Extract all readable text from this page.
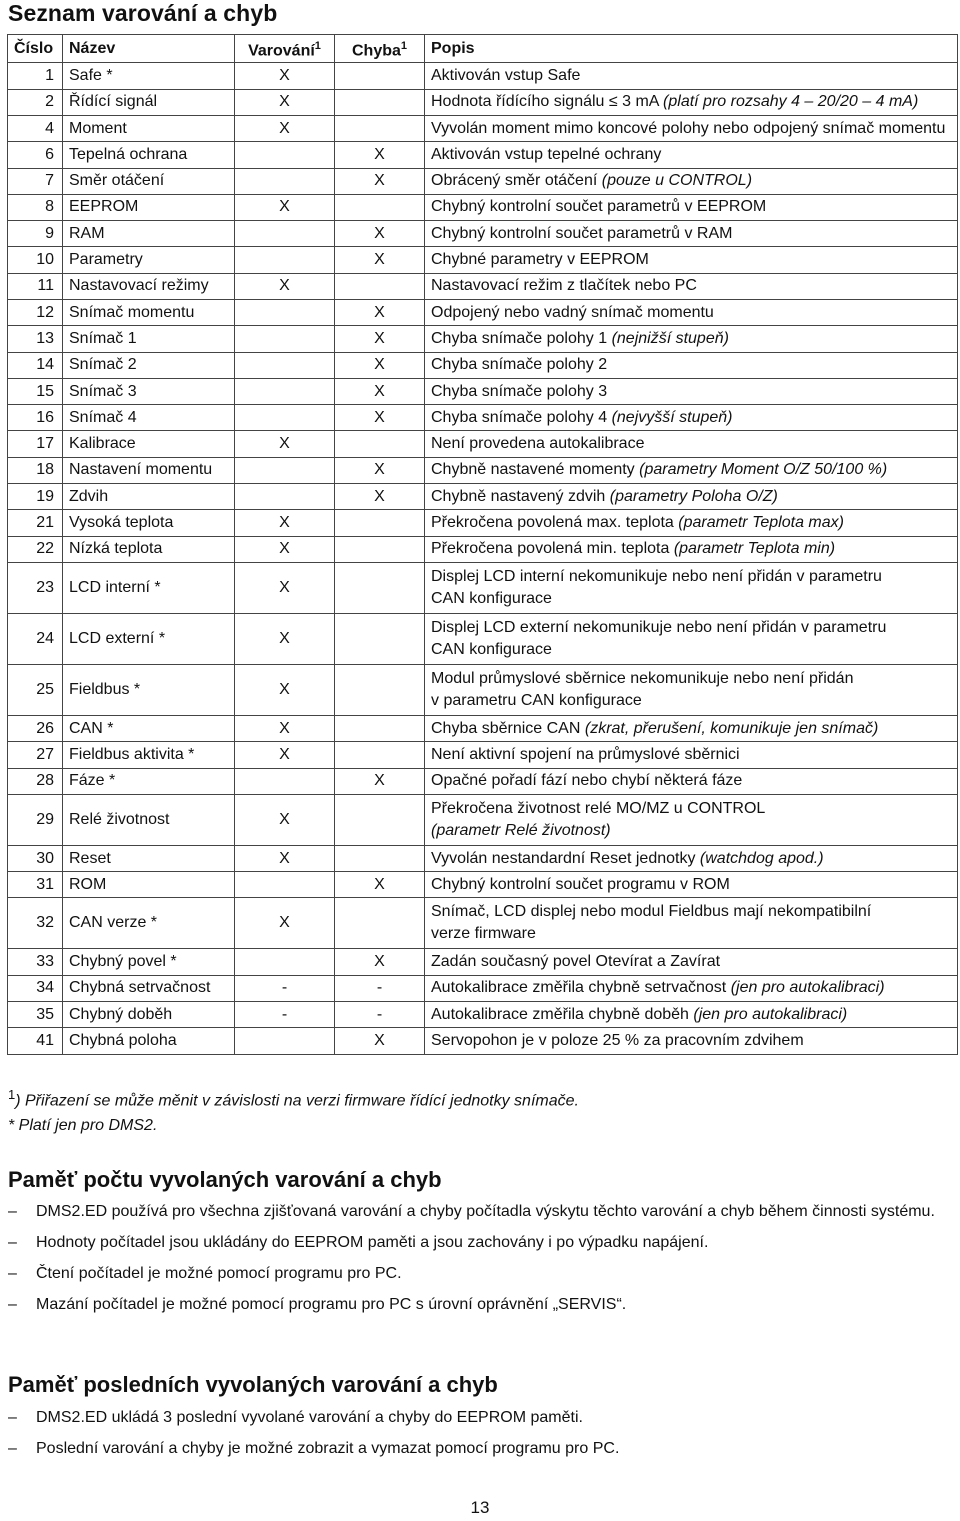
Seznam varování a chyb
Číslo	Název	Varování$^1$	Chyba$^1$	Popis
1	Safe *	X		Aktivován vstup Safe
2	Řídící signál	X		Hodnota řídícího signálu ≤ 3 mA (platí pro rozsahy 4 – 20/20 – 4 mA)
4	Moment	X		Vyvolán moment mimo koncové polohy nebo odpojený snímač momentu
6	Tepelná ochrana		X	Aktivován vstup tepelné ochrany
7	Směr otáčení		X	Obrácený směr otáčení (pouze u CONTROL)
8	EEPROM	X		Chybný kontrolní součet parametrů v EEPROM
9	RAM		X	Chybný kontrolní součet parametrů v RAM
10	Parametry		X	Chybné parametry v EEPROM
11	Nastavovací režimy	X		Nastavovací režim z tlačítek nebo PC
12	Snímač momentu		X	Odpojený nebo vadný snímač momentu
13	Snímač 1		X	Chyba snímače polohy 1 (nejnižší stupeň)
14	Snímač 2		X	Chyba snímače polohy 2
15	Snímač 3		X	Chyba snímače polohy 3
16	Snímač 4		X	Chyba snímače polohy 4 (nejvyšší stupeň)
17	Kalibrace	X		Není provedena autokalibrace
18	Nastavení momentu		X	Chybně nastavené momenty (parametry Moment O/Z 50/100 %)
19	Zdvih		X	Chybně nastavený zdvih (parametry Poloha O/Z)
21	Vysoká teplota	X		Překročena povolená max. teplota (parametr Teplota max)
22	Nízká teplota	X		Překročena povolená min. teplota (parametr Teplota min)
23	LCD interní *	X		Displej LCD interní nekomunikuje nebo není přidán v parametru
CAN konfigurace
24	LCD externí *	X		Displej LCD externí nekomunikuje nebo není přidán v parametru
CAN konfigurace
25	Fieldbus *	X		Modul průmyslové sběrnice nekomunikuje nebo není přidán
v parametru CAN konfigurace
26	CAN *	X		Chyba sběrnice CAN (zkrat, přerušení, komunikuje jen snímač)
27	Fieldbus aktivita *	X		Není aktivní spojení na průmyslové sběrnici
28	Fáze *		X	Opačné pořadí fází nebo chybí některá fáze
29	Relé životnost	X		Překročena životnost relé MO/MZ u CONTROL
(parametr Relé životnost)
30	Reset	X		Vyvolán nestandardní Reset jednotky (watchdog apod.)
31	ROM		X	Chybný kontrolní součet programu v ROM
32	CAN verze *	X		Snímač, LCD displej nebo modul Fieldbus mají nekompatibilní
verze firmware
33	Chybný povel *		X	Zadán současný povel Otevírat a Zavírat
34	Chybná setrvačnost	-	-	Autokalibrace změřila chybně setrvačnost (jen pro autokalibraci)
35	Chybný doběh	-	-	Autokalibrace změřila chybně doběh (jen pro autokalibraci)
41	Chybná poloha		X	Servopohon je v poloze 25 % za pracovním zdvihem
$^1$) Přiřazení se může měnit v závislosti na verzi firmware řídící jednotky snímače.
* Platí jen pro DMS2.
Paměť počtu vyvolaných varování a chyb
– DMS2.ED používá pro všechna zjišťovaná varování a chyby počítadla výskytu těchto varování a chyb během činnosti systému.
– Hodnoty počítadel jsou ukládány do EEPROM paměti a jsou zachovány i po výpadku napájení.
– Čtení počítadel je možné pomocí programu pro PC.
– Mazání počítadel je možné pomocí programu pro PC s úrovní oprávnění „SERVIS“.
Paměť posledních vyvolaných varování a chyb
– DMS2.ED ukládá 3 poslední vyvolané varování a chyby do EEPROM paměti.
– Poslední varování a chyby je možné zobrazit a vymazat pomocí programu pro PC.
13
